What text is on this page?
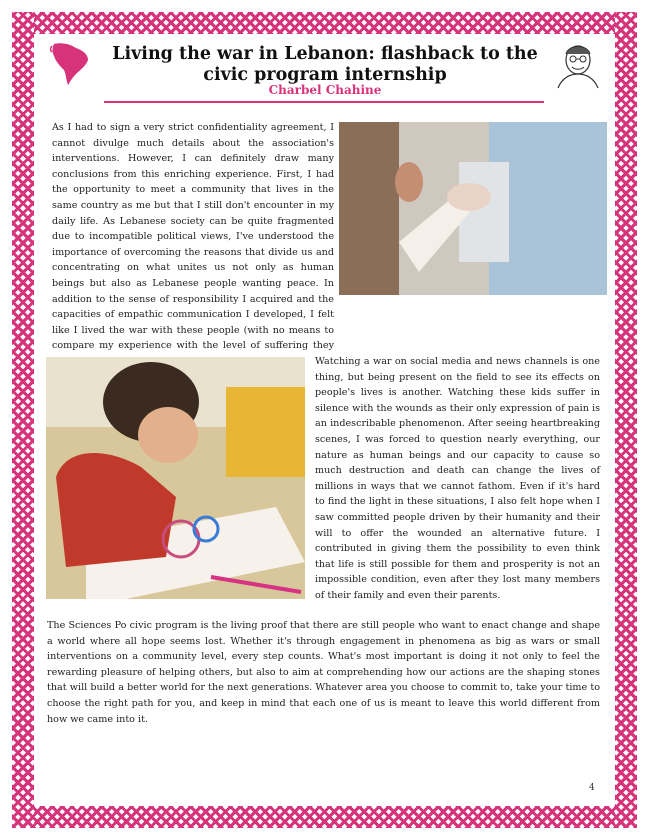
Living the war in Lebanon: flashback to the civic program internship
Charbel Chahine

As I had to sign a very strict confidentiality agreement, I cannot divulge much details about the association's interventions. However, I can definitely draw many conclusions from this enriching experience. First, I had the opportunity to meet a community that lives in the same country as me but that I still don't encounter in my daily life. As Lebanese society can be quite fragmented due to incompatible political views, I've understood the importance of overcoming the reasons that divide us and concentrating on what unites us not only as human beings but also as Lebanese people wanting peace. In addition to the sense of responsibility I acquired and the capacities of empathic communication I developed, I felt like I lived the war with these people (with no means to compare my experience with the level of suffering they

Watching a war on social media and news channels is one thing, but being present on the field to see its effects on people's lives is another. Watching these kids suffer in silence with the wounds as their only expression of pain is an indescribable phenomenon. After seeing heartbreaking scenes, I was forced to question nearly everything, our nature as human beings and our capacity to cause so much destruction and death can change the lives of millions in ways that we cannot fathom. Even if it's hard to find the light in these situations, I also felt hope when I saw committed people driven by their humanity and their will to offer the wounded an alternative future. I contributed in giving them the possibility to even think that life is still possible for them and prosperity is not an impossible condition, even after they lost many members of their family and even their parents.

The Sciences Po civic program is the living proof that there are still people who want to enact change and shape a world where all hope seems lost. Whether it's through engagement in phenomena as big as wars or small interventions on a community level, every step counts. What's most important is doing it not only to feel the rewarding pleasure of helping others, but also to aim at comprehending how our actions are the shaping stones that will build a better world for the next generations. Whatever area you choose to commit to, take your time to choose the right path for you, and keep in mind that each one of us is meant to leave this world different from how we came into it.

4
